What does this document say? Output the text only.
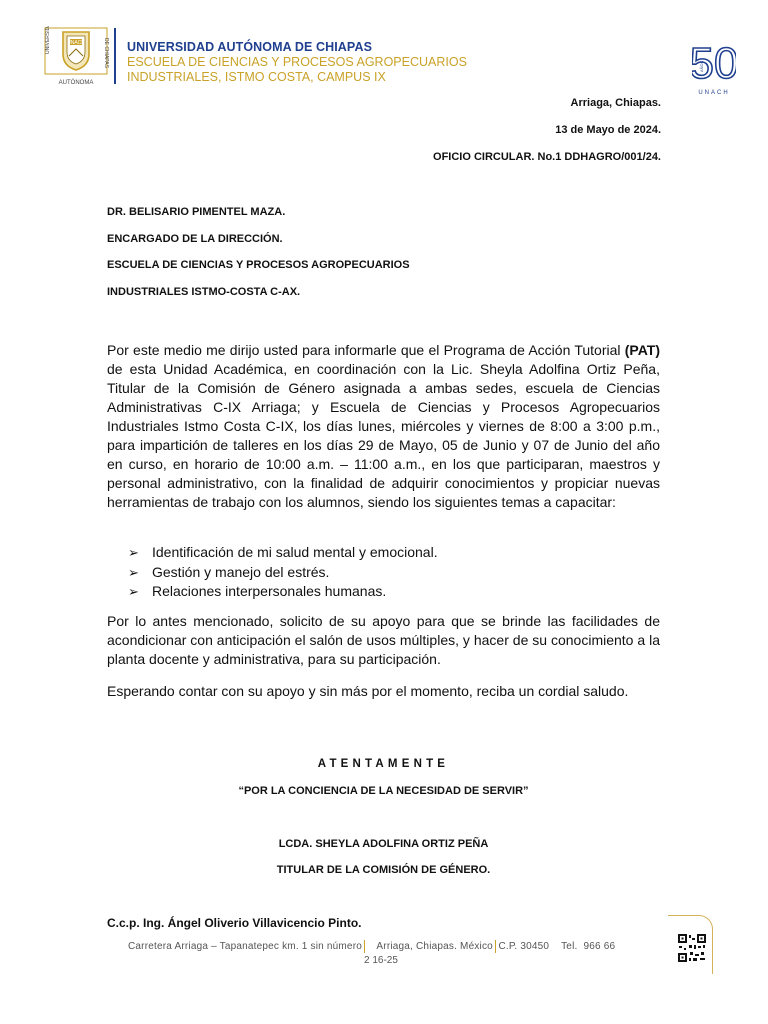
UNIVERSIDAD	DE CHIAPAS
UNACH
AUTÓNOMA
UNIVERSIDAD AUTÓNOMA DE CHIAPAS
ESCUELA DE CIENCIAS Y PROCESOS AGROPECUARIOS
INDUSTRIALES, ISTMO COSTA, CAMPUS IX	50
AÑOS
UNACH
Arriaga, Chiapas.
13 de Mayo de 2024.
OFICIO CIRCULAR. No.1 DDHAGRO/001/24.
DR. BELISARIO PIMENTEL MAZA.
ENCARGADO DE LA DIRECCIÓN.
ESCUELA DE CIENCIAS Y PROCESOS AGROPECUARIOS
INDUSTRIALES ISTMO-COSTA C-AX.
Por este medio me dirijo usted para informarle que el Programa de Acción Tutorial (PAT) de esta Unidad Académica, en coordinación con la Lic. Sheyla Adolfina Ortiz Peña, Titular de la Comisión de Género asignada a ambas sedes, escuela de Ciencias Administrativas C-IX Arriaga; y Escuela de Ciencias y Procesos Agropecuarios Industriales Istmo Costa C-IX, los días lunes, miércoles y viernes de 8:00 a 3:00 p.m., para impartición de talleres en los días 29 de Mayo, 05 de Junio y 07 de Junio del año en curso, en horario de 10:00 a.m. – 11:00 a.m., en los que participaran, maestros y personal administrativo, con la finalidad de adquirir conocimientos y propiciar nuevas herramientas de trabajo con los alumnos, siendo los siguientes temas a capacitar:
➢ Identificación de mi salud mental y emocional.
➢ Gestión y manejo del estrés.
➢ Relaciones interpersonales humanas.
Por lo antes mencionado, solicito de su apoyo para que se brinde las facilidades de acondicionar con anticipación el salón de usos múltiples, y hacer de su conocimiento a la planta docente y administrativa, para su participación.
Esperando contar con su apoyo y sin más por el momento, reciba un cordial saludo.
ATENTAMENTE
“POR LA CONCIENCIA DE LA NECESIDAD DE SERVIR”
LCDA. SHEYLA ADOLFINA ORTIZ PEÑA
TITULAR DE LA COMISIÓN DE GÉNERO.
C.c.p. Ing. Ángel Oliverio Villavicencio Pinto.
Carretera Arriaga – Tapanatepec km. 1 sin número Arriaga, Chiapas. México C.P. 30450 Tel. 966 66
2 16-25
